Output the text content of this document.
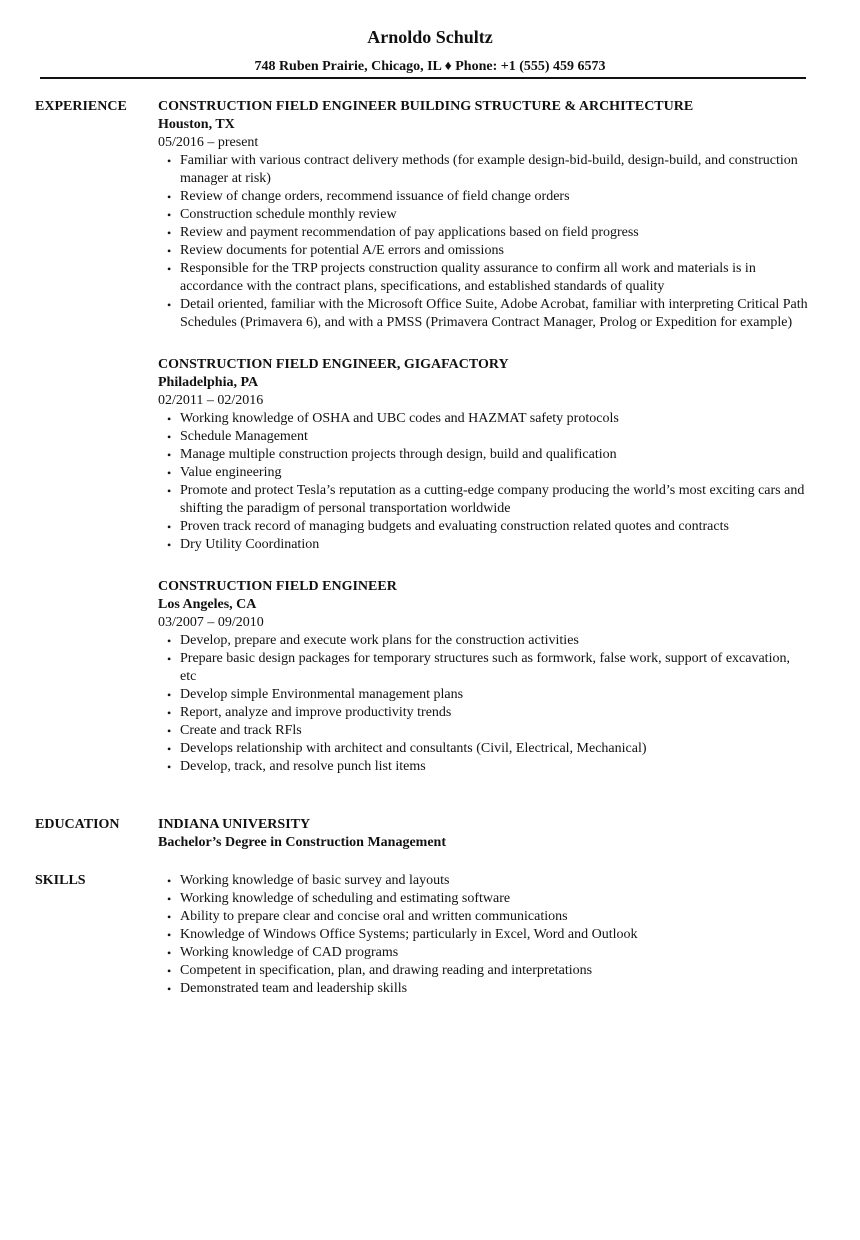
Arnoldo Schultz
748 Ruben Prairie, Chicago, IL ♦ Phone: +1 (555) 459 6573
EXPERIENCE CONSTRUCTION FIELD ENGINEER BUILDING STRUCTURE & ARCHITECTURE
Houston, TX
05/2016 – present
• Familiar with various contract delivery methods (for example design-bid-build, design-build, and construction manager at risk)
• Review of change orders, recommend issuance of field change orders
• Construction schedule monthly review
• Review and payment recommendation of pay applications based on field progress
• Review documents for potential A/E errors and omissions
• Responsible for the TRP projects construction quality assurance to confirm all work and materials is in accordance with the contract plans, specifications, and established standards of quality
• Detail oriented, familiar with the Microsoft Office Suite, Adobe Acrobat, familiar with interpreting Critical Path Schedules (Primavera 6), and with a PMSS (Primavera Contract Manager, Prolog or Expedition for example)
CONSTRUCTION FIELD ENGINEER, GIGAFACTORY
Philadelphia, PA
02/2011 – 02/2016
• Working knowledge of OSHA and UBC codes and HAZMAT safety protocols
• Schedule Management
• Manage multiple construction projects through design, build and qualification
• Value engineering
• Promote and protect Tesla’s reputation as a cutting-edge company producing the world’s most exciting cars and shifting the paradigm of personal transportation worldwide
• Proven track record of managing budgets and evaluating construction related quotes and contracts
• Dry Utility Coordination
CONSTRUCTION FIELD ENGINEER
Los Angeles, CA
03/2007 – 09/2010
• Develop, prepare and execute work plans for the construction activities
• Prepare basic design packages for temporary structures such as formwork, false work, support of excavation, etc
• Develop simple Environmental management plans
• Report, analyze and improve productivity trends
• Create and track RFls
• Develops relationship with architect and consultants (Civil, Electrical, Mechanical)
• Develop, track, and resolve punch list items
EDUCATION	INDIANA UNIVERSITY
Bachelor’s Degree in Construction Management
SKILLS	• Working knowledge of basic survey and layouts
• Working knowledge of scheduling and estimating software
• Ability to prepare clear and concise oral and written communications
• Knowledge of Windows Office Systems; particularly in Excel, Word and Outlook
• Working knowledge of CAD programs
• Competent in specification, plan, and drawing reading and interpretations
• Demonstrated team and leadership skills
